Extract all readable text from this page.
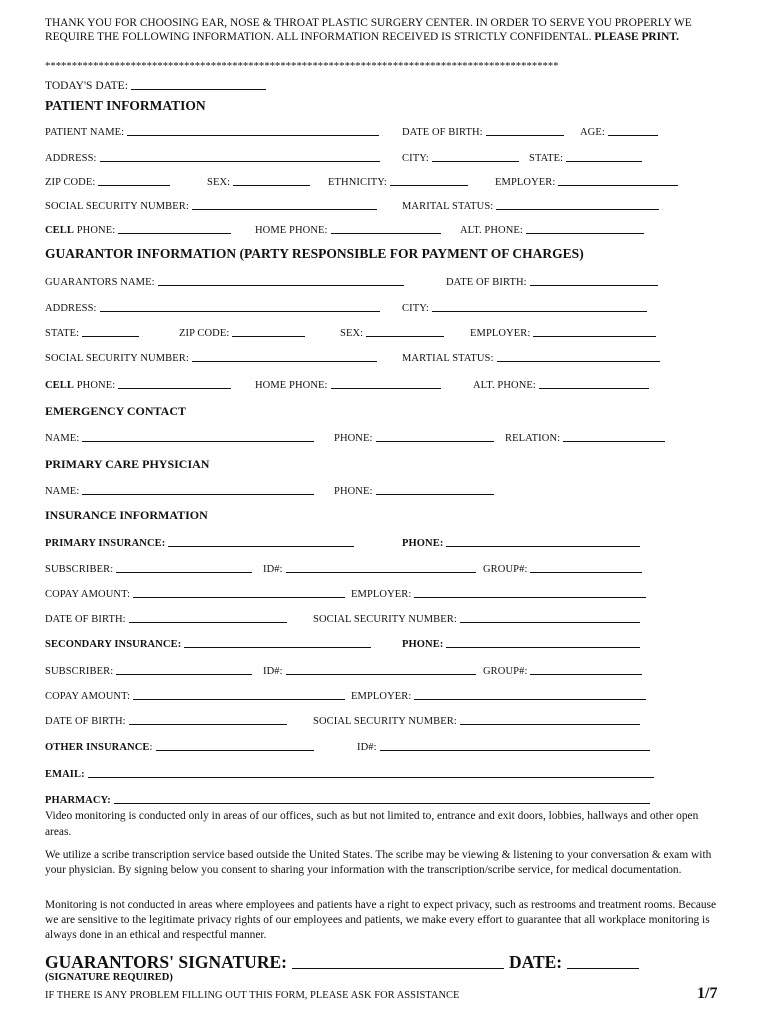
THANK YOU FOR CHOOSING EAR, NOSE & THROAT PLASTIC SURGERY CENTER. IN ORDER TO SERVE YOU PROPERLY WE REQUIRE THE FOLLOWING INFORMATION. ALL INFORMATION RECEIVED IS STRICTLY CONFIDENTAL. PLEASE PRINT.
************************************************************************************************
TODAY'S DATE:
PATIENT INFORMATION
PATIENT NAME:	DATE OF BIRTH:	AGE:
ADDRESS:	CITY:	STATE:
ZIP CODE:	SEX:	ETHNICITY:	EMPLOYER:
SOCIAL SECURITY NUMBER:	MARITAL STATUS:
CELL PHONE:	HOME PHONE:	ALT. PHONE:
GUARANTOR INFORMATION (PARTY RESPONSIBLE FOR PAYMENT OF CHARGES)
GUARANTORS NAME:	DATE OF BIRTH:
ADDRESS:	CITY:
STATE:	ZIP CODE:	SEX:	EMPLOYER:
SOCIAL SECURITY NUMBER:	MARTIAL STATUS:
CELL PHONE:	HOME PHONE:	ALT. PHONE:
EMERGENCY CONTACT
NAME:	PHONE:	RELATION:
PRIMARY CARE PHYSICIAN
NAME:	PHONE:
INSURANCE INFORMATION
PRIMARY INSURANCE:	PHONE:
SUBSCRIBER:	ID#:	GROUP#:
COPAY AMOUNT:	EMPLOYER:
DATE OF BIRTH:	SOCIAL SECURITY NUMBER:
SECONDARY INSURANCE:	PHONE:
SUBSCRIBER:	ID#:	GROUP#:
COPAY AMOUNT:	EMPLOYER:
DATE OF BIRTH:	SOCIAL SECURITY NUMBER:
OTHER INSURANCE:	ID#:
EMAIL:
PHARMACY:
Video monitoring is conducted only in areas of our offices, such as but not limited to, entrance and exit doors, lobbies, hallways and other open areas.
We utilize a scribe transcription service based outside the United States. The scribe may be viewing & listening to your conversation & exam with your physician. By signing below you consent to sharing your information with the transcription/scribe service, for medical documentation.
Monitoring is not conducted in areas where employees and patients have a right to expect privacy, such as restrooms and treatment rooms. Because we are sensitive to the legitimate privacy rights of our employees and patients, we make every effort to guarantee that all workplace monitoring is always done in an ethical and respectful manner.
GUARANTORS' SIGNATURE:	DATE:
(SIGNATURE REQUIRED)
IF THERE IS ANY PROBLEM FILLING OUT THIS FORM, PLEASE ASK FOR ASSISTANCE	1/7
